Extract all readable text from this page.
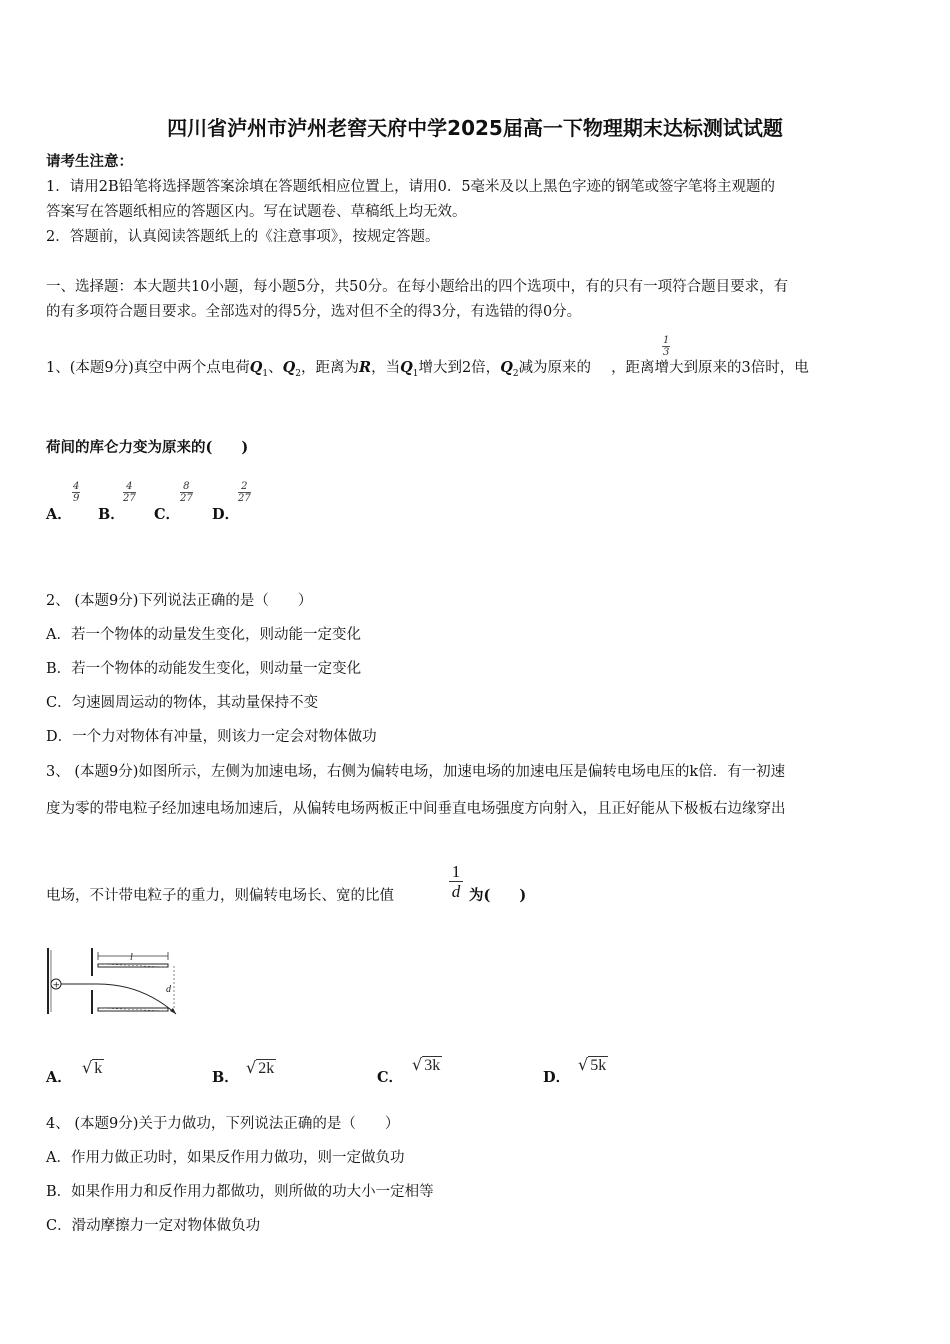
四川省泸州市泸州老窖天府中学2025届高一下物理期末达标测试试题
请考生注意：
1．请用2B铅笔将选择题答案涂填在答题纸相应位置上，请用0．5毫米及以上黑色字迹的钢笔或签字笔将主观题的
答案写在答题纸相应的答题区内。写在试题卷、草稿纸上均无效。
2．答题前，认真阅读答题纸上的《注意事项》，按规定答题。
一、选择题：本大题共10小题，每小题5分，共50分。在每小题给出的四个选项中，有的只有一项符合题目要求，有
的有多项符合题目要求。全部选对的得5分，选对但不全的得3分，有选错的得0分。
1、(本题9分)真空中两个点电荷$Q_1$、$Q_2$，距离为R，当$Q_1$增大到2倍，$Q_2$减为原来的 ，距离增大到原来的3倍时，电
$\frac{1}{3}$
荷间的库仑力变为原来的(　　)
A．
$\frac{4}{9}$
B．
$\frac{4}{27}$
C．
$\frac{8}{27}$
D．
$\frac{2}{27}$
2、 (本题9分)下列说法正确的是（　　）
A．若一个物体的动量发生变化，则动能一定变化
B．若一个物体的动能发生变化，则动量一定变化
C．匀速圆周运动的物体，其动量保持不变
D．一个力对物体有冲量，则该力一定会对物体做功
3、 (本题9分)如图所示，左侧为加速电场，右侧为偏转电场，加速电场的加速电压是偏转电场电压的k倍．有一初速
度为零的带电粒子经加速电场加速后，从偏转电场两板正中间垂直电场强度方向射入，且正好能从下极板右边缘穿出
电场，不计带电粒子的重力，则偏转电场长、宽的比值	$\frac{1}{d}$ 为(　　)
l
d
+
A．
√ k
B．
√ 2k
C．
√ 3k
D．
√ 5k
4、 (本题9分)关于力做功，下列说法正确的是（　　）
A．作用力做正功时，如果反作用力做功，则一定做负功
B．如果作用力和反作用力都做功，则所做的功大小一定相等
C．滑动摩擦力一定对物体做负功
